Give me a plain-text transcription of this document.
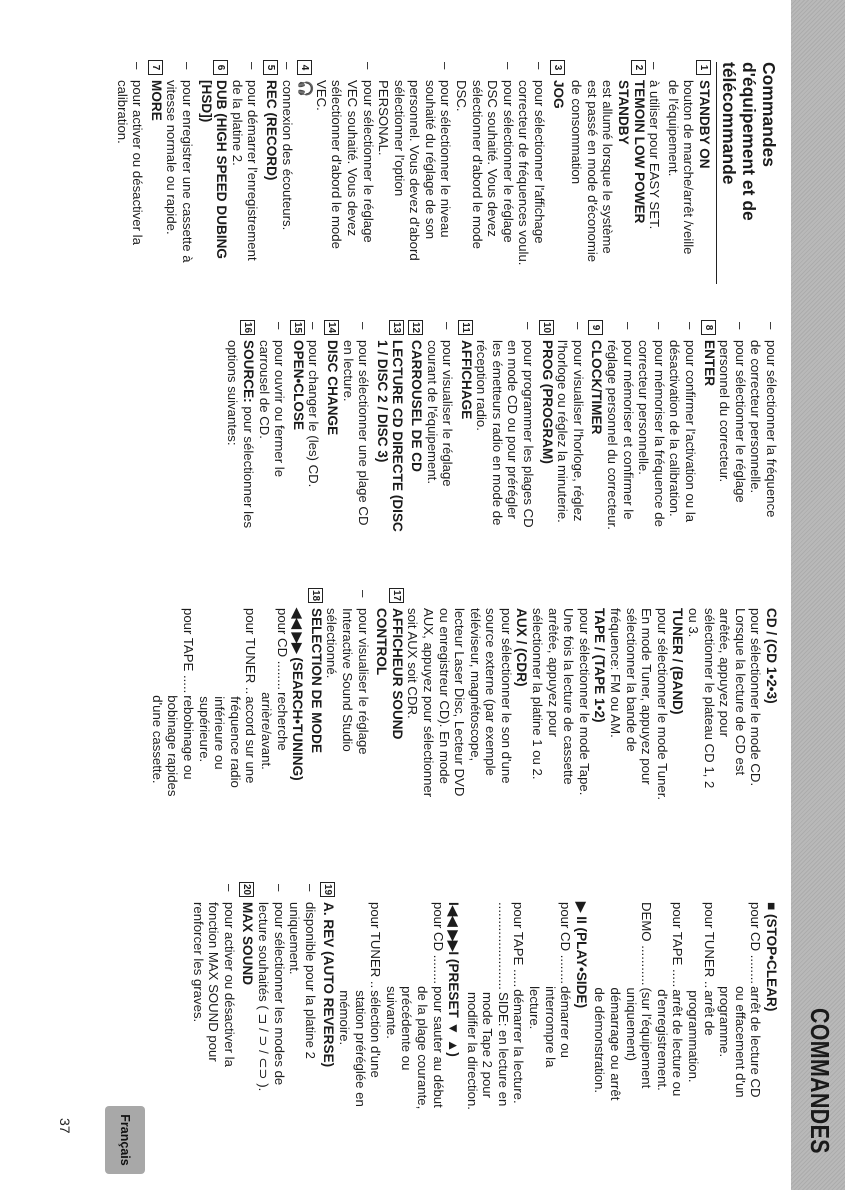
COMMANDES
Commandes d'équipement et de télécommande
1
STANDBY ON
bouton de marche/arrêt /veille de l'équipement.
–
à utiliser pour EASY SET.
2
TEMOIN LOW POWER STANDBY
est allumé lorsque le système est passé en mode d'économie de consommation
3
JOG
–
pour sélectionner l'affichage correcteur de fréquences voulu.
–
pour sélectionner le réglage DSC souhaité. Vous devez sélectionner d'abord le mode DSC.
–
pour sélectionner le niveau souhaité du réglage de son personnel. Vous devez d'abord sélectionner l'option PERSONAL.
–
pour sélectionner le réglage VEC souhaité. Vous devez sélectionner d'abord le mode VEC.
4
🎧
–
connexion des écouteurs.
5
REC (RECORD)
–
pour démarrer l'enregistrement de la platine 2.
6
DUB (HIGH SPEED DUBING [HSD])
–
pour enregistrer une cassette à vitesse normale ou rapide.
7
MORE
–
pour activer ou désactiver la calibration.
–
pour sélectionner la fréquence de correcteur personnelle.
–
pour sélectionner le réglage personnel du correcteur.
8
ENTER
–
pour confirmer l'activation ou la désactivation de la calibration.
–
pour mémoriser la fréquence de correcteur personnelle.
–
pour mémoriser et confirmer le réglage personnel du correcteur.
9
CLOCK/TIMER
–
pour visualiser l'horloge, réglez l'horloge ou réglez la minuterie.
10
PROG (PROGRAM)
–
pour programmer les plages CD en mode CD ou pour prérégler les émetteurs radio en mode de réception radio.
11
AFFICHAGE
–
pour visualiser le réglage courant de l'équipement.
12
CARROUSEL DE CD
13
LECTURE CD DIRECTE (DISC 1 / DISC 2 / DISC 3)
–
pour sélectionner une plage CD en lecture.
14
DISC CHANGE
–
pour changer le (les) CD.
15
OPEN•CLOSE
–
pour ouvrir ou fermer le carrousel de CD.
16
SOURCE: pour sélectionner les options suivantes:
CD / (CD 1•2•3)
pour sélectionner le mode CD. Lorsque la lecture de CD est arrêtée, appuyez pour sélectionner le plateau CD 1, 2 ou 3.
TUNER / (BAND)
pour sélectionner le mode Tuner. En mode Tuner, appuyez pour sélectionner la bande de fréquence: FM ou AM.
TAPE / (TAPE 1•2)
pour sélectionner le mode Tape. Une fois la lecture de cassette arrêtée, appuyez pour sélectionner la platine 1 ou 2.
AUX / (CDR)
pour sélectionner le son d'une source externe (par exemple téléviseur, magnétoscope, lecteur Laser Disc, Lecteur DVD ou enregistreur CD). En mode AUX, appuyez pour sélectionner soit AUX soit CDR.
17
AFFICHEUR SOUND CONTROL
–
pour visualiser le réglage Interactive Sound Studio sélectionné.
18
SELECTION DE MODE
◀◀ ▶▶ (SEARCH•TUNING)
pour CD ........
recherche arrière/avant.
pour TUNER ..
accord sur une fréquence radio inférieure ou supérieure.
pour TAPE .....
rebobinage ou bobinage rapides d'une cassette.
■ (STOP•CLEAR)
pour CD ........
arrêt de lecture CD ou effacement d'un programme.
pour TUNER ..
arrêt de programmation.
pour TAPE .....
arrêt de lecture ou d'enregistrement.
DEMO ...........
(sur l'équipement uniquement) démarrage ou arrêt de démonstration.
▶ II (PLAY•SIDE)
pour CD ........
démarrer ou interrompre la lecture.
pour TAPE .....
démarrer la lecture.
........................
SIDE: en lecture en mode Tape 2 pour modifier la direction.
I◀◀ ▶▶I (PRESET ▼ ▲)
pour CD ........
pour sauter au début de la plage courante, précédente ou suivante.
pour TUNER ..
sélection d'une station préréglée en mémoire.
19
A. REV (AUTO REVERSE)
–
disponible pour la platine 2 uniquement.
–
pour sélectionner les modes de lecture souhaités ( ⊐ / ⊃ / ⊂⊃ ).
20
MAX SOUND
–
pour activer ou désactiver la fonction MAX SOUND pour renforcer les graves.
Français
37
